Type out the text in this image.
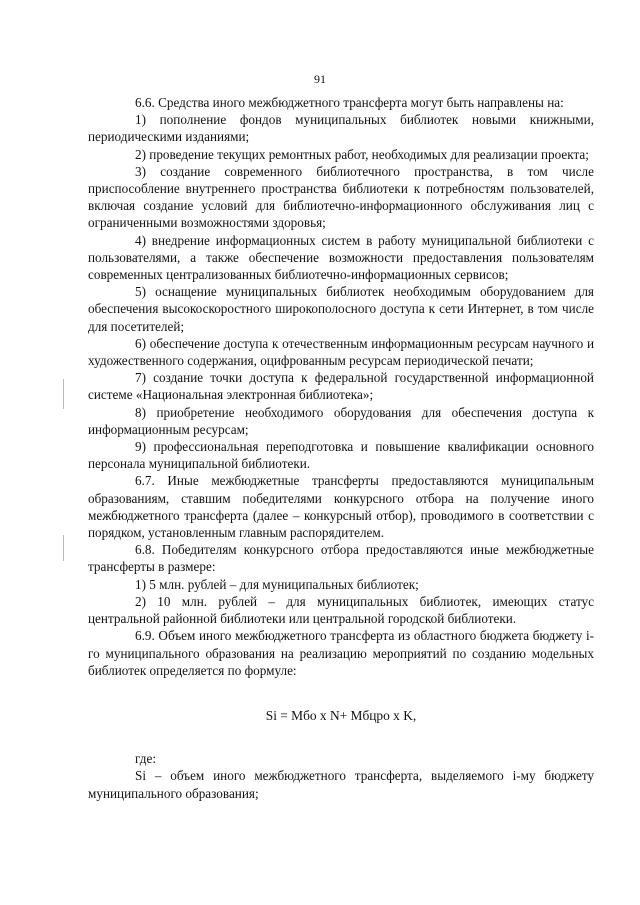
91

6.6. Средства иного межбюджетного трансферта могут быть направлены на:

1) пополнение фондов муниципальных библиотек новыми книжными, периодическими изданиями;

2) проведение текущих ремонтных работ, необходимых для реализации проекта;

3) создание современного библиотечного пространства, в том числе приспособление внутреннего пространства библиотеки к потребностям пользователей, включая создание условий для библиотечно-информационного обслуживания лиц с ограниченными возможностями здоровья;

4) внедрение информационных систем в работу муниципальной библиотеки с пользователями, а также обеспечение возможности предоставления пользователям современных централизованных библиотечно-информационных сервисов;

5) оснащение муниципальных библиотек необходимым оборудованием для обеспечения высокоскоростного широкополосного доступа к сети Интернет, в том числе для посетителей;

6) обеспечение доступа к отечественным информационным ресурсам научного и художественного содержания, оцифрованным ресурсам периодической печати;

7) создание точки доступа к федеральной государственной информационной системе «Национальная электронная библиотека»;

8) приобретение необходимого оборудования для обеспечения доступа к информационным ресурсам;

9) профессиональная переподготовка и повышение квалификации основного персонала муниципальной библиотеки.

6.7. Иные межбюджетные трансферты предоставляются муниципальным образованиям, ставшим победителями конкурсного отбора на получение иного межбюджетного трансферта (далее – конкурсный отбор), проводимого в соответствии с порядком, установленным главным распорядителем.

6.8. Победителям конкурсного отбора предоставляются иные межбюджетные трансферты в размере:

1) 5 млн. рублей – для муниципальных библиотек;

2) 10 млн. рублей – для муниципальных библиотек, имеющих статус центральной районной библиотеки или центральной городской библиотеки.

6.9. Объем иного межбюджетного трансферта из областного бюджета бюджету i-го муниципального образования на реализацию мероприятий по созданию модельных библиотек определяется по формуле:

Si = Мбо x N+ Мбцро x K,

где:

Si – объем иного межбюджетного трансферта, выделяемого i-му бюджету муниципального образования;
